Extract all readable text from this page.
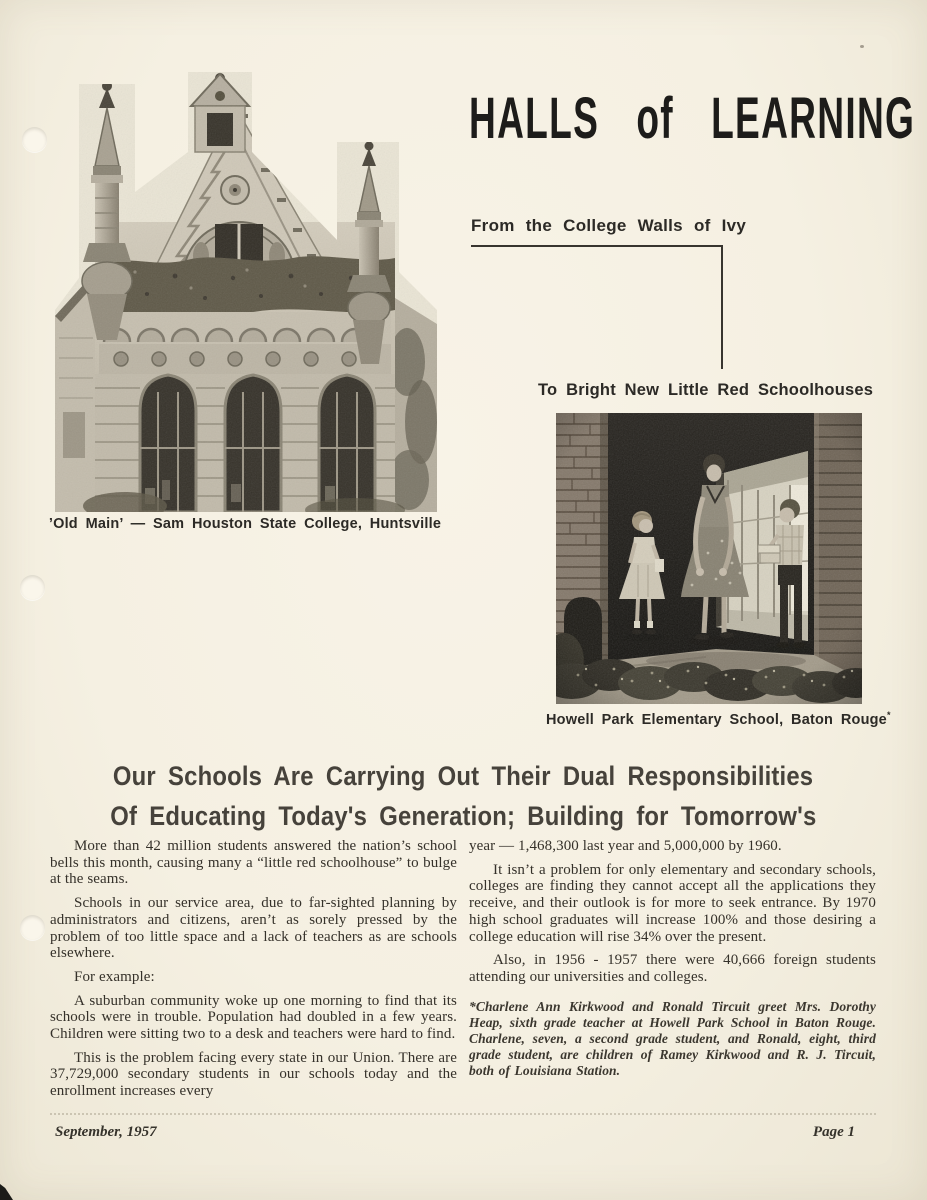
’Old Main’ — Sam Houston State College, Huntsville
HALLS of LEARNING
From the College Walls of Ivy
To Bright New Little Red Schoolhouses
Howell Park Elementary School, Baton Rouge*
Our Schools Are Carrying Out Their Dual Responsibilities
Of Educating Today's Generation; Building for Tomorrow's

More than 42 million students answered the nation’s school bells this month, causing many a “little red schoolhouse” to bulge at the seams.

Schools in our service area, due to far-sighted planning by administrators and citizens, aren’t as sorely pressed by the problem of too little space and a lack of teachers as are schools elsewhere.

For example:

A suburban community woke up one morning to find that its schools were in trouble. Population had doubled in a few years. Children were sitting two to a desk and teachers were hard to find.

This is the problem facing every state in our Union. There are 37,729,000 secondary students in our schools today and the enrollment increases every

year — 1,468,300 last year and 5,000,000 by 1960.

It isn’t a problem for only elementary and secondary schools, colleges are finding they cannot accept all the applications they receive, and their outlook is for more to seek entrance. By 1970 high school graduates will increase 100% and those desiring a college education will rise 34% over the present.

Also, in 1956 - 1957 there were 40,666 foreign students attending our universities and colleges.

*Charlene Ann Kirkwood and Ronald Tircuit greet Mrs. Dorothy Heap, sixth grade teacher at Howell Park School in Baton Rouge. Charlene, seven, a second grade student, and Ronald, eight, third grade student, are children of Ramey Kirkwood and R. J. Tircuit, both of Louisiana Station.

September, 1957	Page 1
